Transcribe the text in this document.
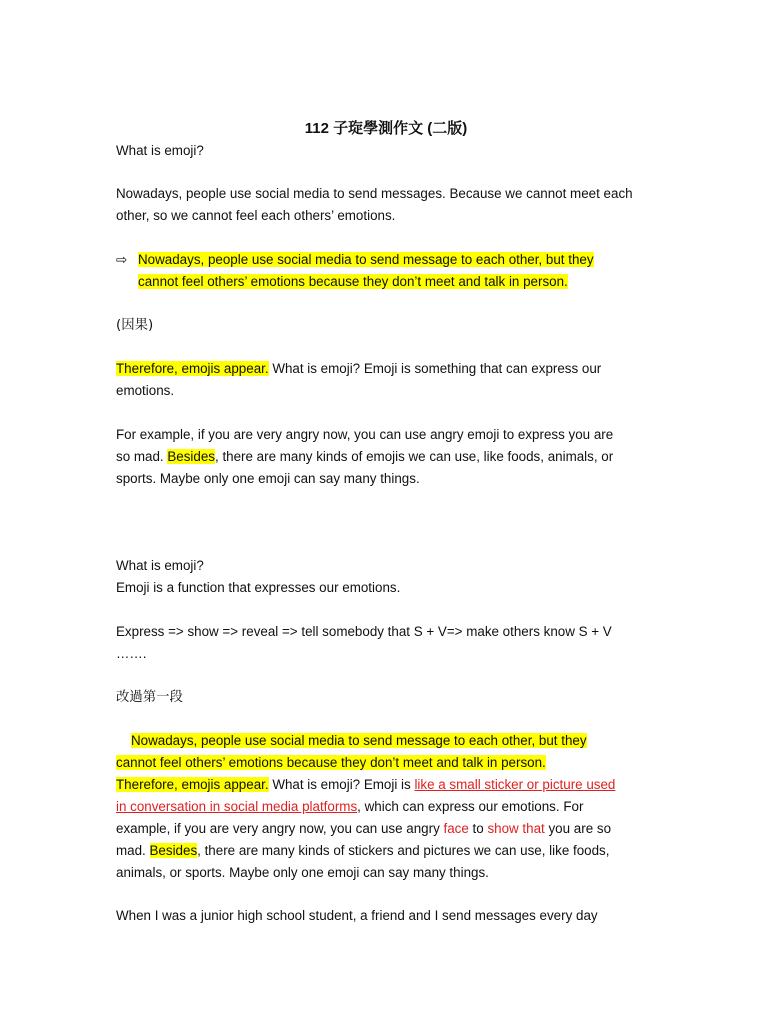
112 子琁學測作文 (二版)
What is emoji?
Nowadays, people use social media to send messages. Because we cannot meet each
other, so we cannot feel each others’ emotions.
⇨ Nowadays, people use social media to send message to each other, but they
cannot feel others’ emotions because they don’t meet and talk in person.
(因果)
Therefore, emojis appear. What is emoji? Emoji is something that can express our
emotions.
For example, if you are very angry now, you can use angry emoji to express you are
so mad. Besides, there are many kinds of emojis we can use, like foods, animals, or
sports. Maybe only one emoji can say many things.
What is emoji?
Emoji is a function that expresses our emotions.
Express => show => reveal => tell somebody that S + V=> make others know S + V
…….
改過第一段
Nowadays, people use social media to send message to each other, but they
cannot feel others’ emotions because they don’t meet and talk in person.
Therefore, emojis appear. What is emoji? Emoji is like a small sticker or picture used
in conversation in social media platforms, which can express our emotions. For
example, if you are very angry now, you can use angry face to show that you are so
mad. Besides, there are many kinds of stickers and pictures we can use, like foods,
animals, or sports. Maybe only one emoji can say many things.
When I was a junior high school student, a friend and I send messages every day
